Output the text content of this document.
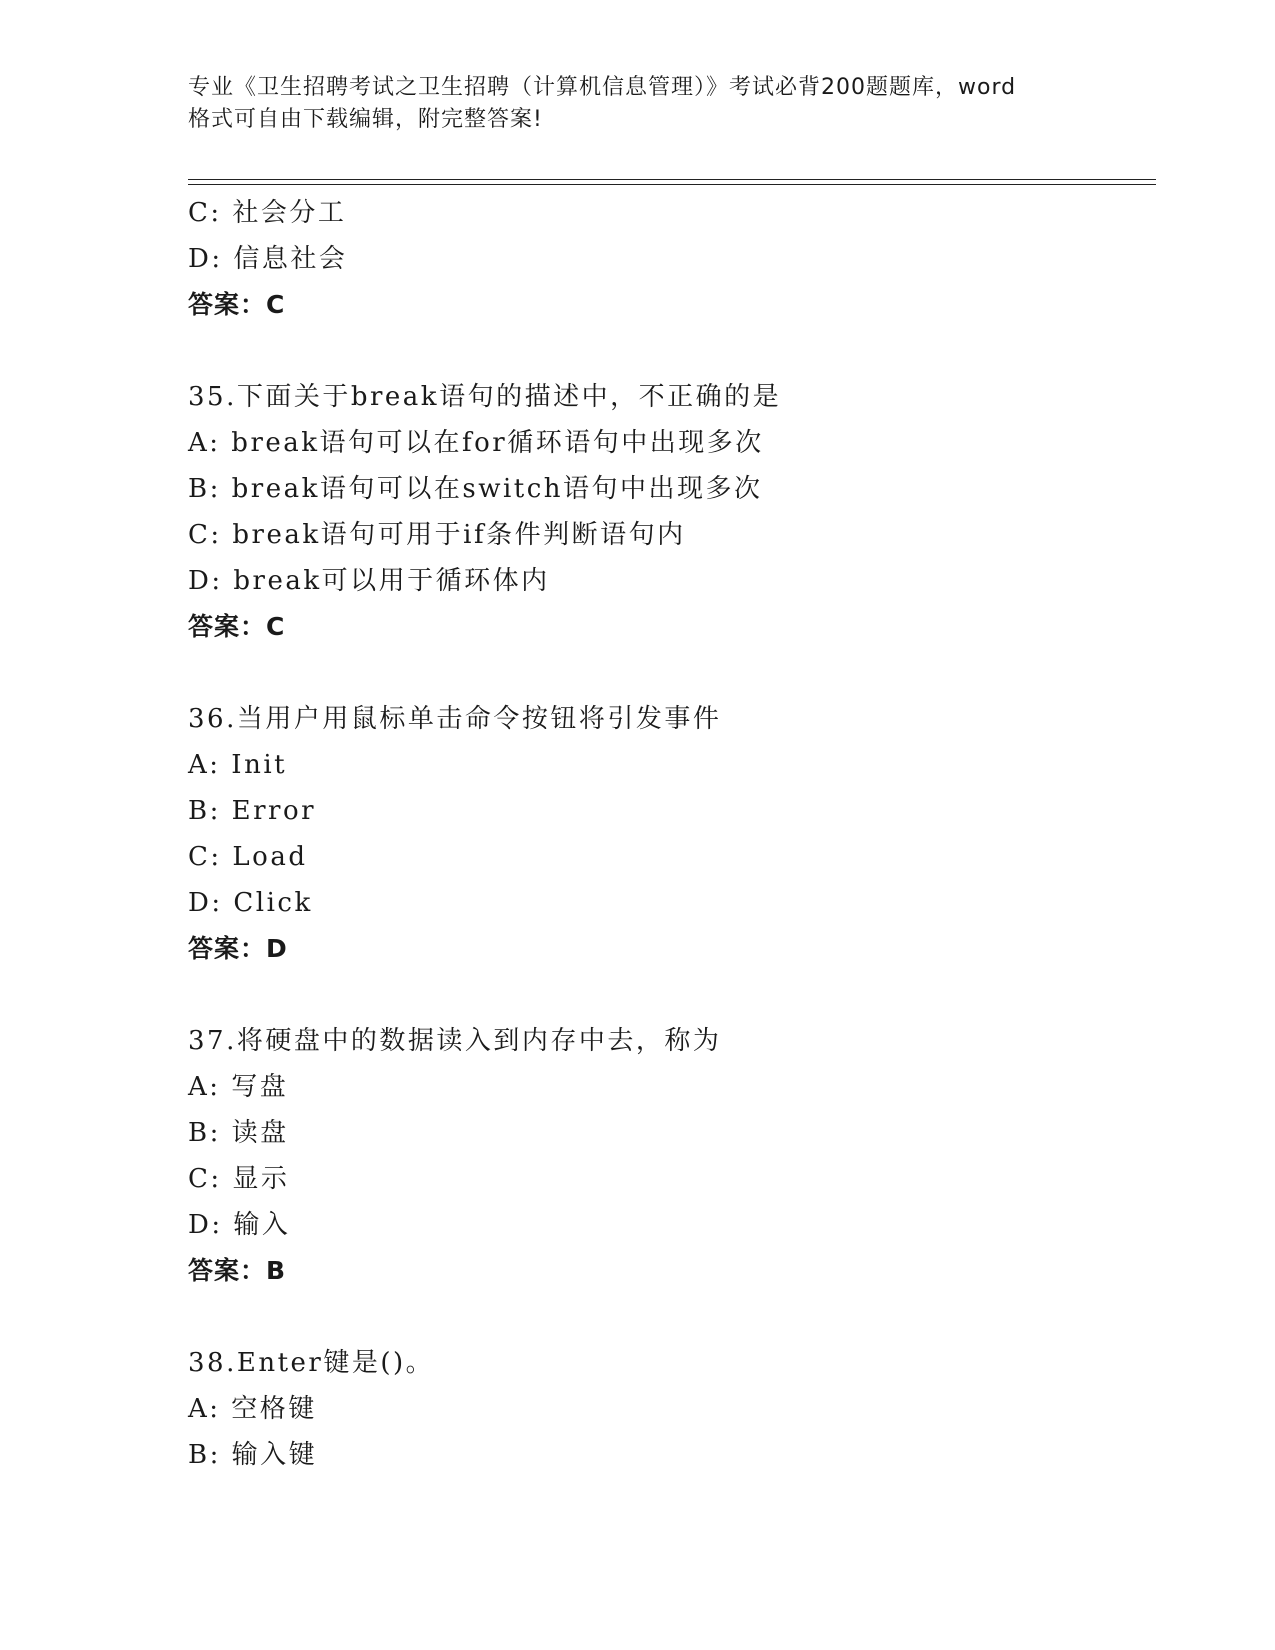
专业《卫生招聘考试之卫生招聘（计算机信息管理）》考试必背200题题库，word
格式可自由下载编辑，附完整答案!
C: 社会分工
D: 信息社会
答案：C
35.下面关于break语句的描述中，不正确的是
A: break语句可以在for循环语句中出现多次
B: break语句可以在switch语句中出现多次
C: break语句可用于if条件判断语句内
D: break可以用于循环体内
答案：C
36.当用户用鼠标单击命令按钮将引发事件
A: Init
B: Error
C: Load
D: Click
答案：D
37.将硬盘中的数据读入到内存中去，称为
A: 写盘
B: 读盘
C: 显示
D: 输入
答案：B
38.Enter键是()。
A: 空格键
B: 输入键
